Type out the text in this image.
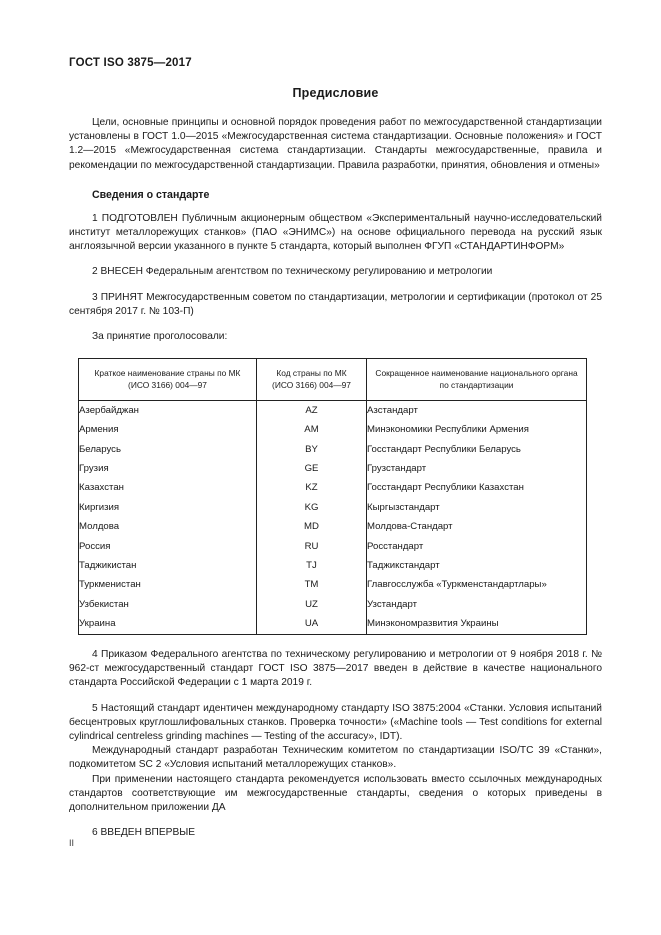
ГОСТ ISO 3875—2017
Предисловие

Цели, основные принципы и основной порядок проведения работ по межгосударственной стандартизации установлены в ГОСТ 1.0—2015 «Межгосударственная система стандартизации. Основные положения» и ГОСТ 1.2—2015 «Межгосударственная система стандартизации. Стандарты межгосударственные, правила и рекомендации по межгосударственной стандартизации. Правила разработки, принятия, обновления и отмены»

Сведения о стандарте

1 ПОДГОТОВЛЕН Публичным акционерным обществом «Экспериментальный научно-исследовательский институт металлорежущих станков» (ПАО «ЭНИМС») на основе официального перевода на русский язык англоязычной версии указанного в пункте 5 стандарта, который выполнен ФГУП «СТАНДАРТИНФОРМ»

2 ВНЕСЕН Федеральным агентством по техническому регулированию и метрологии

3 ПРИНЯТ Межгосударственным советом по стандартизации, метрологии и сертификации (протокол от 25 сентября 2017 г. № 103-П)

За принятие проголосовали:

Краткое наименование страны по МК
(ИСО 3166) 004—97	Код страны по МК
(ИСО 3166) 004—97	Сокращенное наименование национального органа
по стандартизации
Азербайджан	AZ	Азстандарт
Армения	AM	Минэкономики Республики Армения
Беларусь	BY	Госстандарт Республики Беларусь
Грузия	GE	Грузстандарт
Казахстан	KZ	Госстандарт Республики Казахстан
Киргизия	KG	Кыргызстандарт
Молдова	MD	Молдова-Стандарт
Россия	RU	Росстандарт
Таджикистан	TJ	Таджикстандарт
Туркменистан	TM	Главгосслужба «Туркменстандартлары»
Узбекистан	UZ	Узстандарт
Украина	UA	Минэкономразвития Украины

4 Приказом Федерального агентства по техническому регулированию и метрологии от 9 ноября 2018 г. № 962-ст межгосударственный стандарт ГОСТ ISO 3875—2017 введен в действие в качестве национального стандарта Российской Федерации с 1 марта 2019 г.

5 Настоящий стандарт идентичен международному стандарту ISO 3875:2004 «Станки. Условия испытаний бесцентровых круглошлифовальных станков. Проверка точности» («Machine tools — Test conditions for external cylindrical centreless grinding machines — Testing of the accuracy», IDT).

Международный стандарт разработан Техническим комитетом по стандартизации ISO/TC 39 «Станки», подкомитетом SC 2 «Условия испытаний металлорежущих станков».

При применении настоящего стандарта рекомендуется использовать вместо ссылочных международных стандартов соответствующие им межгосударственные стандарты, сведения о которых приведены в дополнительном приложении ДА

6 ВВЕДЕН ВПЕРВЫЕ

II
